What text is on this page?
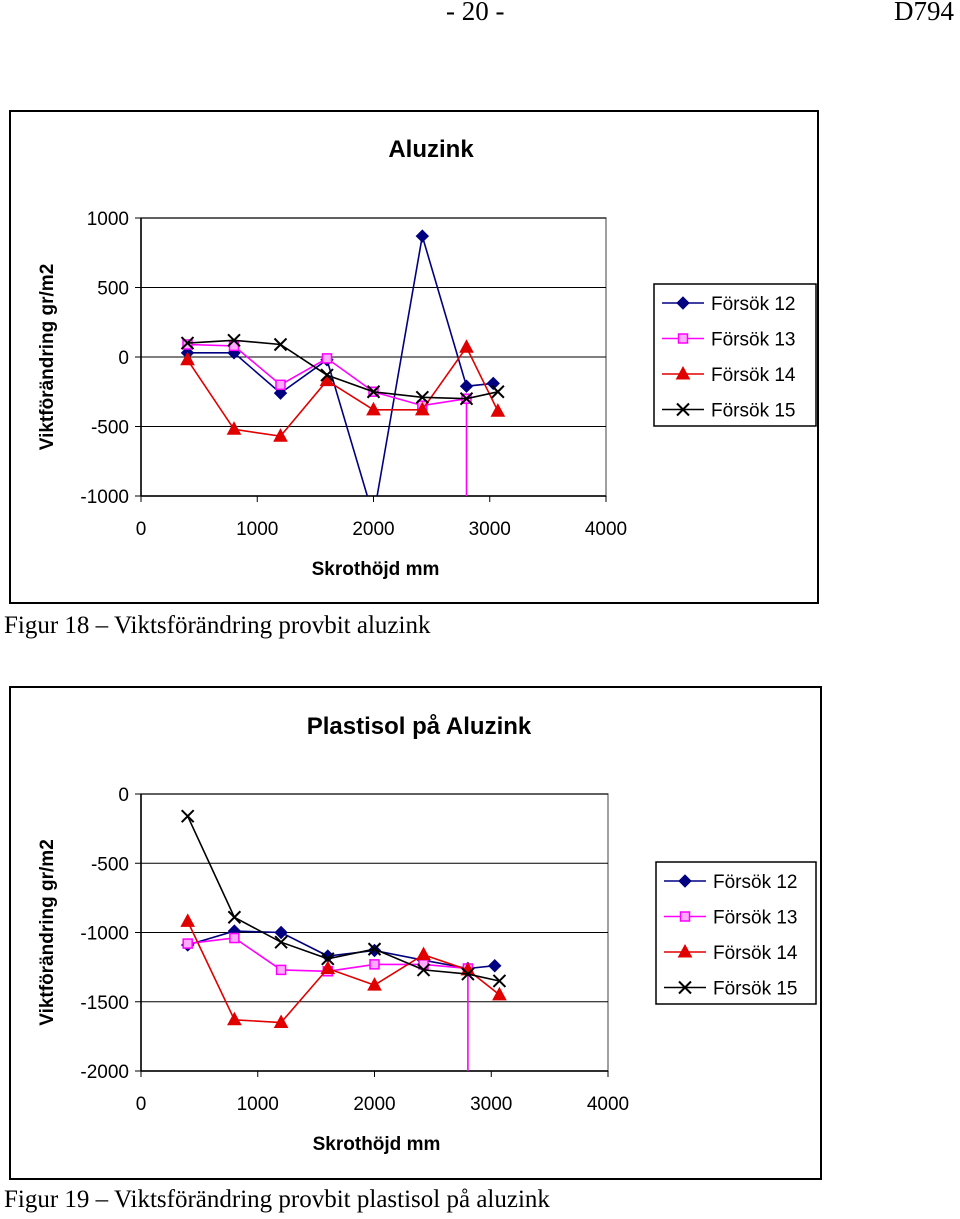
- 20 -	D794
Aluzink
1000
500
0
-500
-1000
0	1000	2000	3000	4000
Skrothöjd mm
Viktförändring gr/m2	Försök 12
Försök 13
Försök 14
Försök 15
Figur 18 – Viktsförändring provbit aluzink
Plastisol på Aluzink
0
-500
-1000
-1500
-2000
0	1000	2000	3000	4000
Skrothöjd mm
Viktförändring gr/m2	Försök 12
Försök 13
Försök 14
Försök 15
Figur 19 – Viktsförändring provbit plastisol på aluzink
